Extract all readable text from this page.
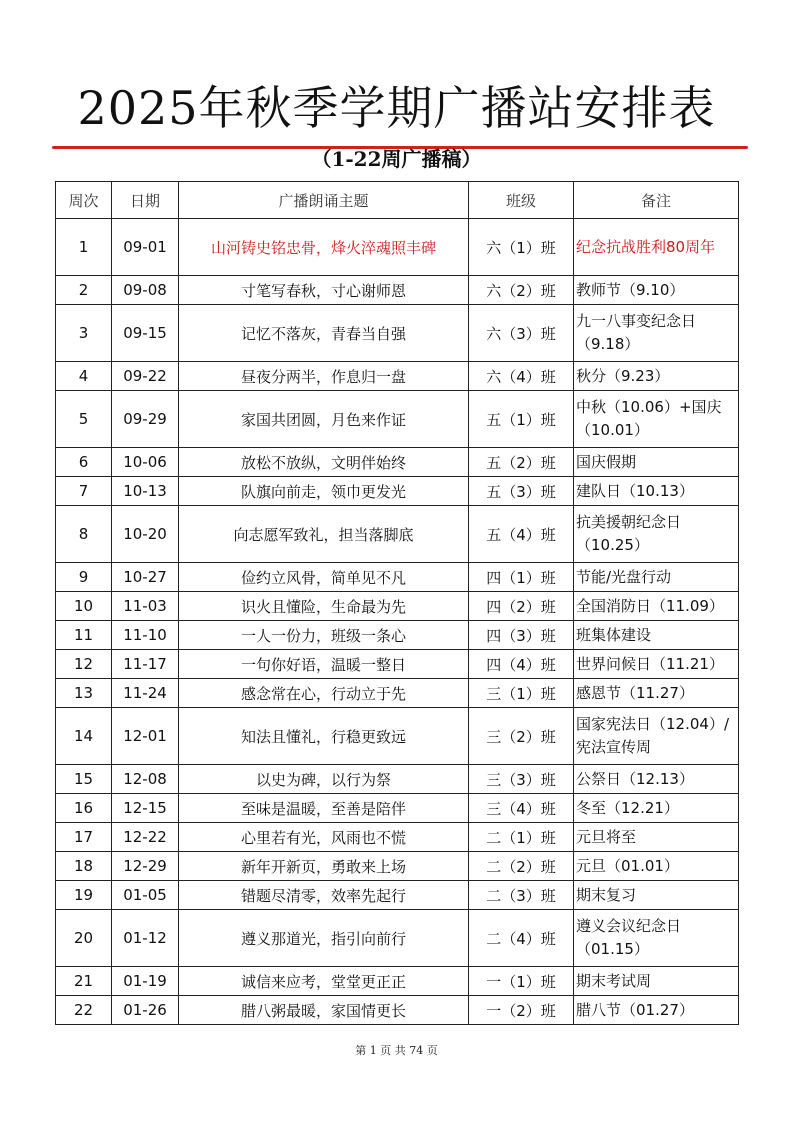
2025年秋季学期广播站安排表
（1-22周广播稿）
周次	日期	广播朗诵主题	班级	备注
1	09-01	山河铸史铭忠骨，烽火淬魂照丰碑	六（1）班	纪念抗战胜利80周年
2	09-08	寸笔写春秋，寸心谢师恩	六（2）班	教师节（9.10）
3	09-15	记忆不落灰，青春当自强	六（3）班	九一八事变纪念日（9.18）
4	09-22	昼夜分两半，作息归一盘	六（4）班	秋分（9.23）
5	09-29	家国共团圆，月色来作证	五（1）班	中秋（10.06）+国庆（10.01）
6	10-06	放松不放纵，文明伴始终	五（2）班	国庆假期
7	10-13	队旗向前走，领巾更发光	五（3）班	建队日（10.13）
8	10-20	向志愿军致礼，担当落脚底	五（4）班	抗美援朝纪念日（10.25）
9	10-27	俭约立风骨，简单见不凡	四（1）班	节能/光盘行动
10	11-03	识火且懂险，生命最为先	四（2）班	全国消防日（11.09）
11	11-10	一人一份力，班级一条心	四（3）班	班集体建设
12	11-17	一句你好语，温暖一整日	四（4）班	世界问候日（11.21）
13	11-24	感念常在心，行动立于先	三（1）班	感恩节（11.27）
14	12-01	知法且懂礼，行稳更致远	三（2）班	国家宪法日（12.04）/宪法宣传周
15	12-08	以史为碑，以行为祭	三（3）班	公祭日（12.13）
16	12-15	至味是温暖，至善是陪伴	三（4）班	冬至（12.21）
17	12-22	心里若有光，风雨也不慌	二（1）班	元旦将至
18	12-29	新年开新页，勇敢来上场	二（2）班	元旦（01.01）
19	01-05	错题尽清零，效率先起行	二（3）班	期末复习
20	01-12	遵义那道光，指引向前行	二（4）班	遵义会议纪念日（01.15）
21	01-19	诚信来应考，堂堂更正正	一（1）班	期末考试周
22	01-26	腊八粥最暖，家国情更长	一（2）班	腊八节（01.27）
第 1 页 共 74 页
